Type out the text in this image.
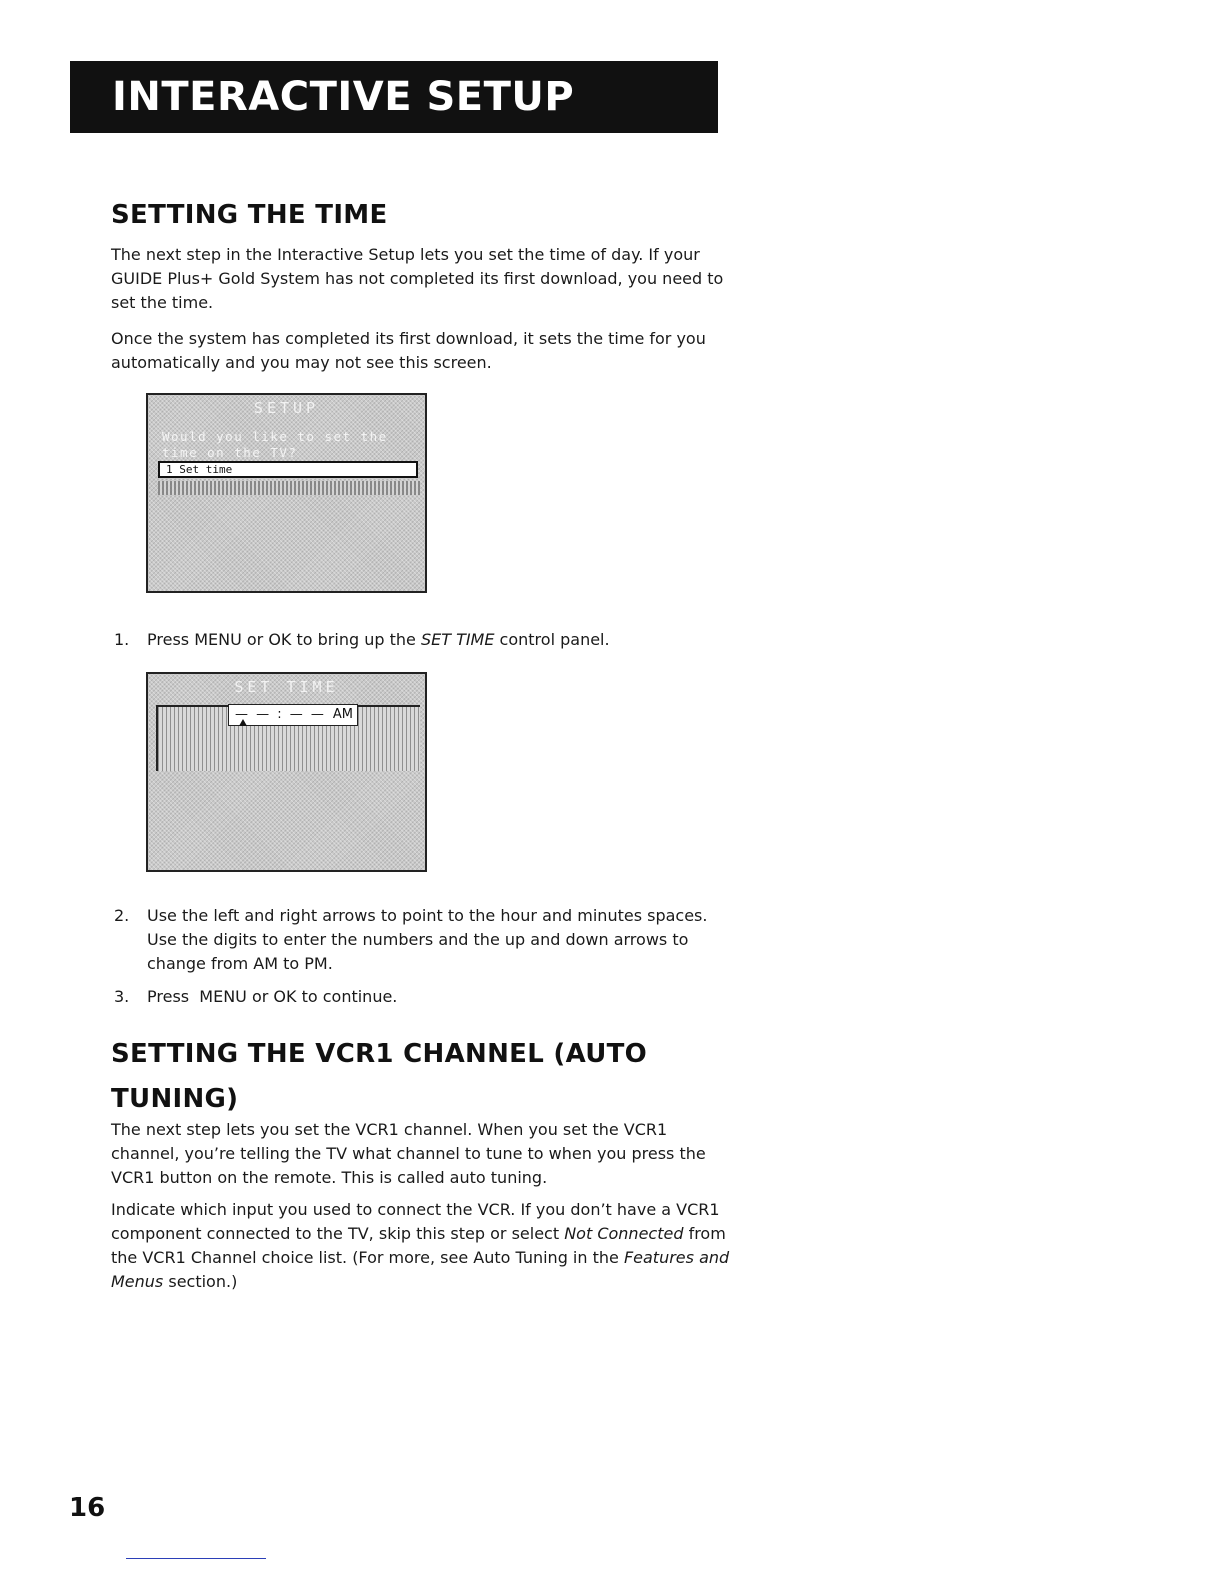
INTERACTIVE SETUP
SETTING THE TIME

The next step in the Interactive Setup lets you set the time of day. If your GUIDE Plus+ Gold System has not completed its first download, you need to set the time.

Once the system has completed its first download, it sets the time for you automatically and you may not see this screen.

SETUP
Would you like to set the time on the TV?
1 Set time
1. Press MENU or OK to bring up the SET TIME control panel.
SET TIME
— — : — — AM
2. Use the left and right arrows to point to the hour and minutes spaces. Use the digits to enter the numbers and the up and down arrows to change from AM to PM.
3. Press  MENU or OK to continue.
SETTING THE VCR1 CHANNEL (AUTO TUNING)

The next step lets you set the VCR1 channel. When you set the VCR1 channel, you’re telling the TV what channel to tune to when you press the VCR1 button on the remote. This is called auto tuning.

Indicate which input you used to connect the VCR. If you don’t have a VCR1 component connected to the TV, skip this step or select Not Connected from the VCR1 Channel choice list. (For more, see Auto Tuning in the Features and Menus section.)

16
